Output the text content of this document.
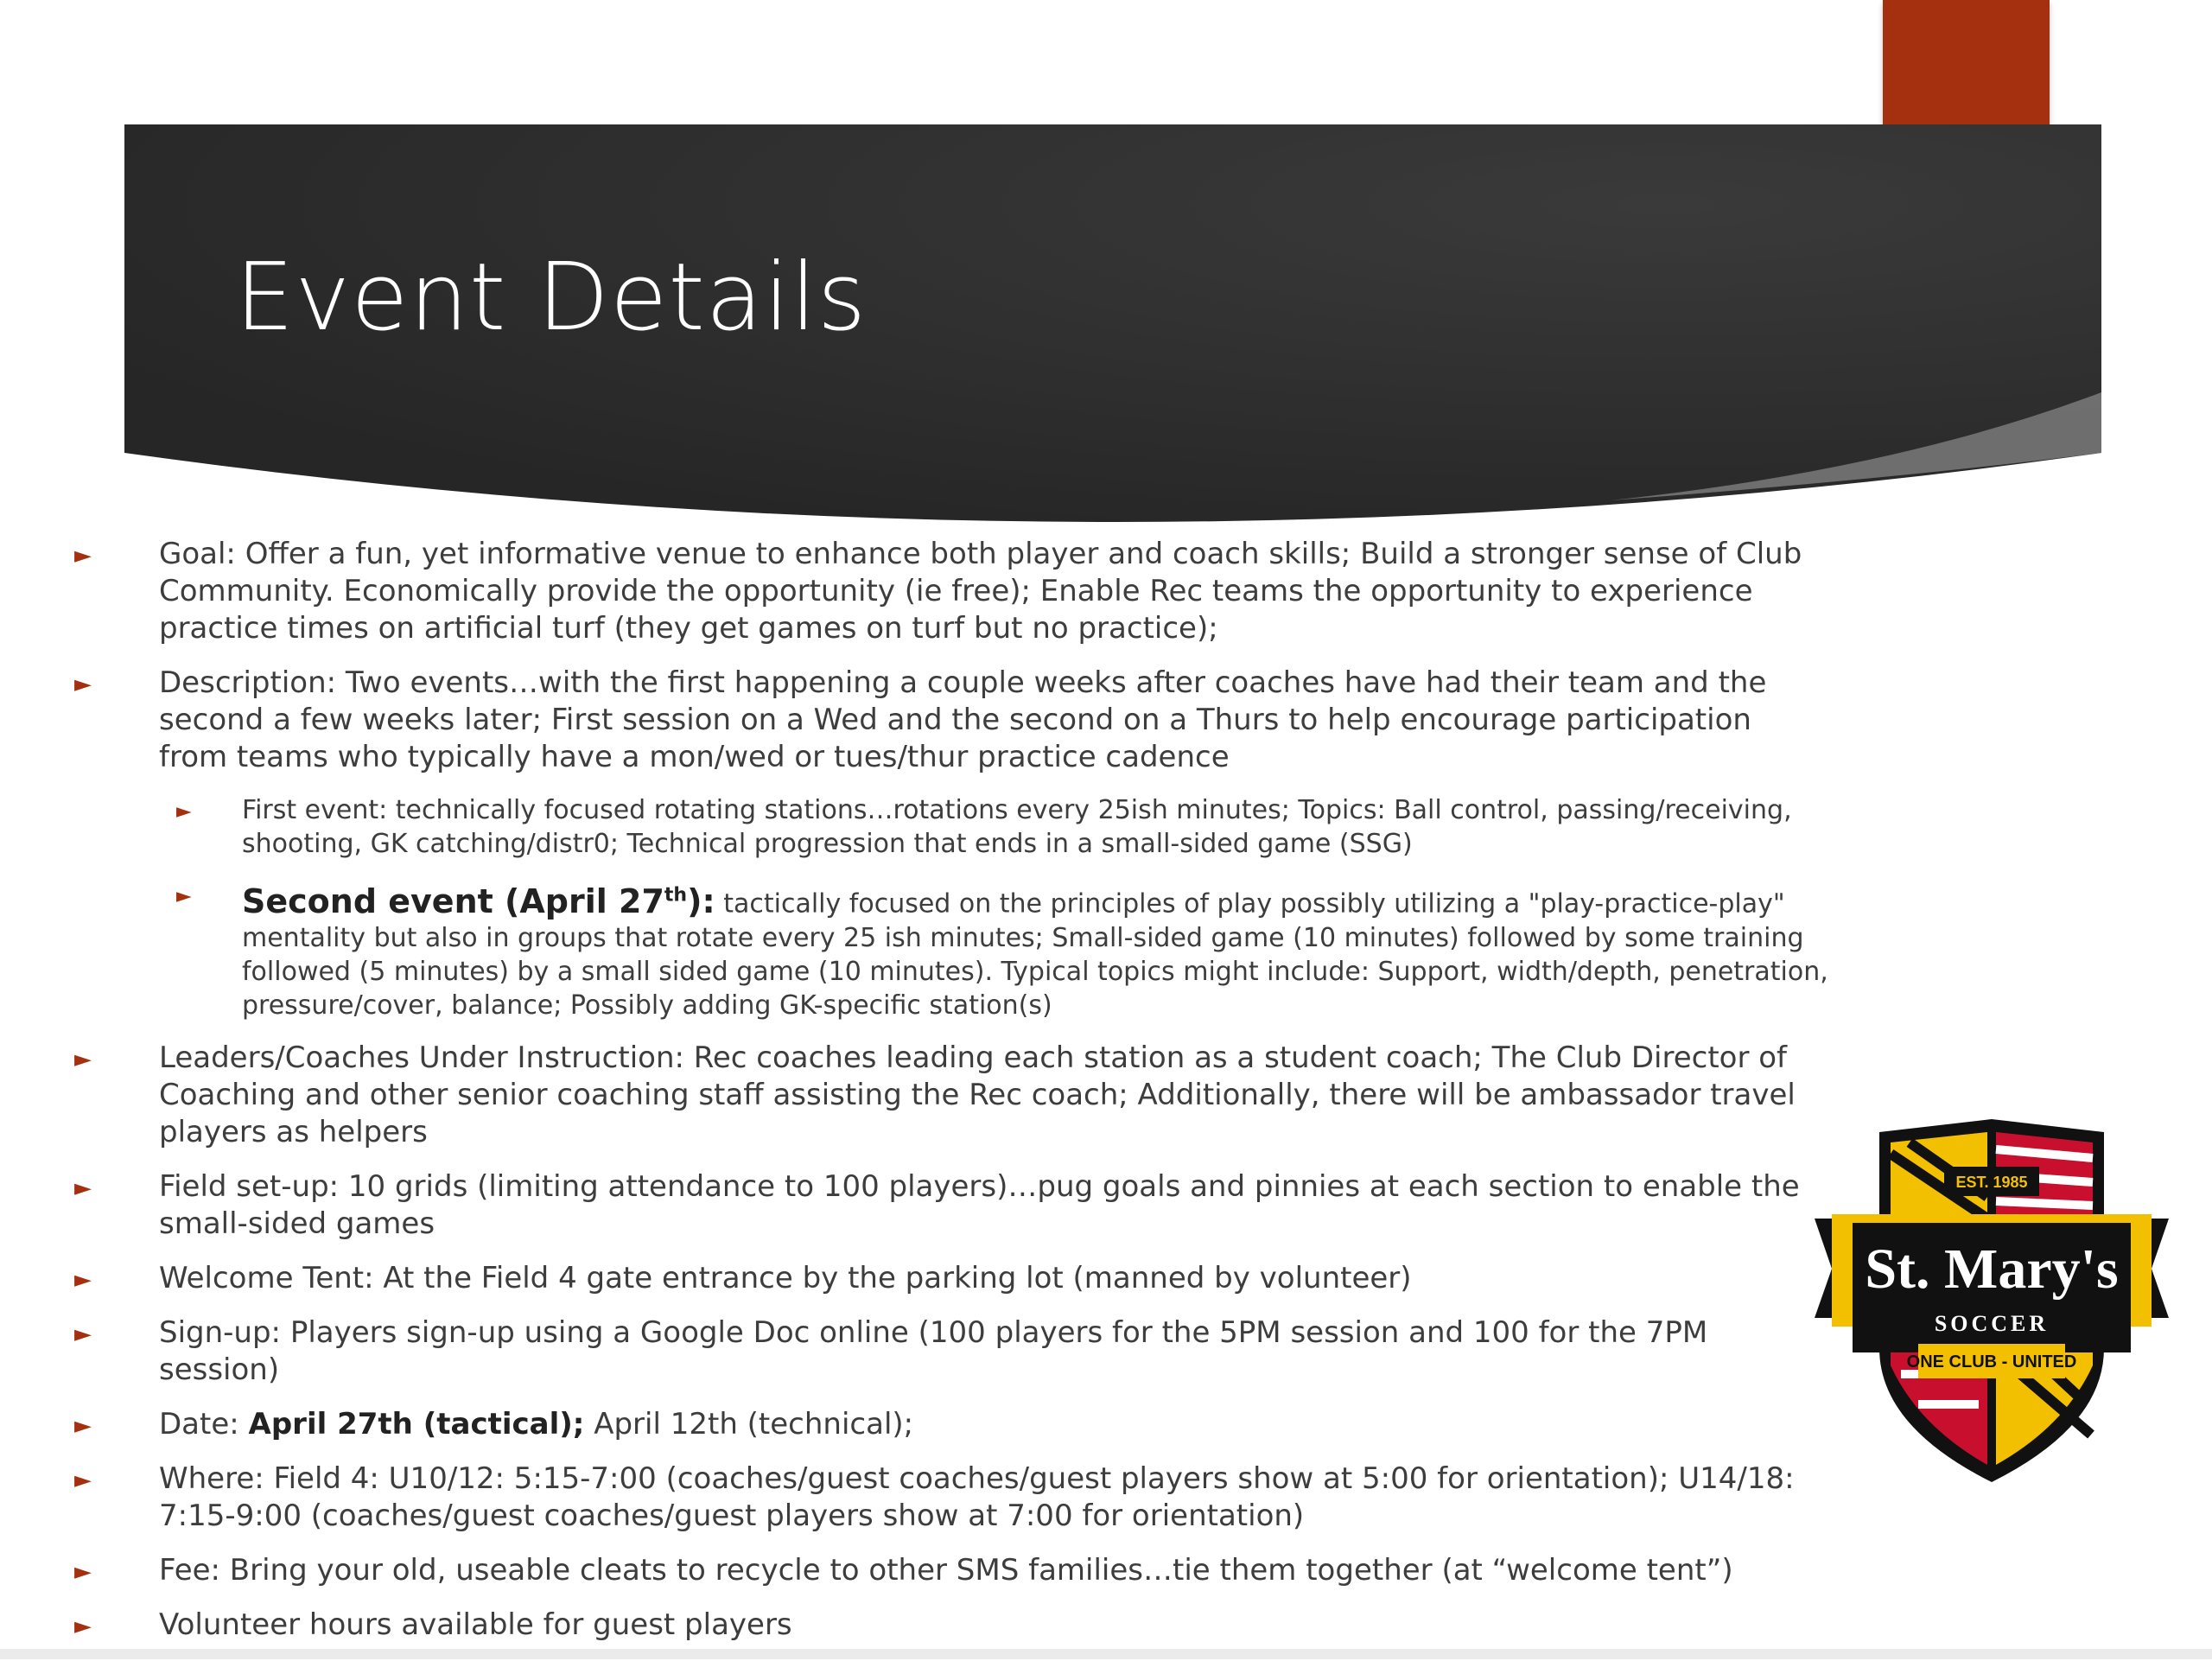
Event Details
► Goal: Offer a fun, yet informative venue to enhance both player and coach skills; Build a stronger sense of Club Community. Economically provide the opportunity (ie free); Enable Rec teams the opportunity to experience practice times on artificial turf (they get games on turf but no practice);
► Description: Two events…with the first happening a couple weeks after coaches have had their team and the second a few weeks later; First session on a Wed and the second on a Thurs to help encourage participation from teams who typically have a mon/wed or tues/thur practice cadence
► First event: technically focused rotating stations…rotations every 25ish minutes; Topics: Ball control, passing/receiving, shooting, GK catching/distr0; Technical progression that ends in a small-sided game (SSG)
► Second event (April 27th): tactically focused on the principles of play possibly utilizing a "play-practice-play" mentality but also in groups that rotate every 25 ish minutes; Small-sided game (10 minutes) followed by some training followed (5 minutes) by a small sided game (10 minutes). Typical topics might include: Support, width/depth, penetration, pressure/cover, balance; Possibly adding GK-specific station(s)
► Leaders/Coaches Under Instruction: Rec coaches leading each station as a student coach; The Club Director of Coaching and other senior coaching staff assisting the Rec coach; Additionally, there will be ambassador travel players as helpers
► Field set-up: 10 grids (limiting attendance to 100 players)…pug goals and pinnies at each section to enable the small-sided games
► Welcome Tent: At the Field 4 gate entrance by the parking lot (manned by volunteer)
► Sign-up: Players sign-up using a Google Doc online (100 players for the 5PM session and 100 for the 7PM session)
► Date: April 27th (tactical); April 12th (technical);
► Where: Field 4: U10/12: 5:15-7:00 (coaches/guest coaches/guest players show at 5:00 for orientation); U14/18: 7:15-9:00 (coaches/guest coaches/guest players show at 7:00 for orientation)
► Fee: Bring your old, useable cleats to recycle to other SMS families…tie them together (at “welcome tent”)
► Volunteer hours available for guest players
EST. 1985
St. Mary's
SOCCER
ONE CLUB - UNITED
